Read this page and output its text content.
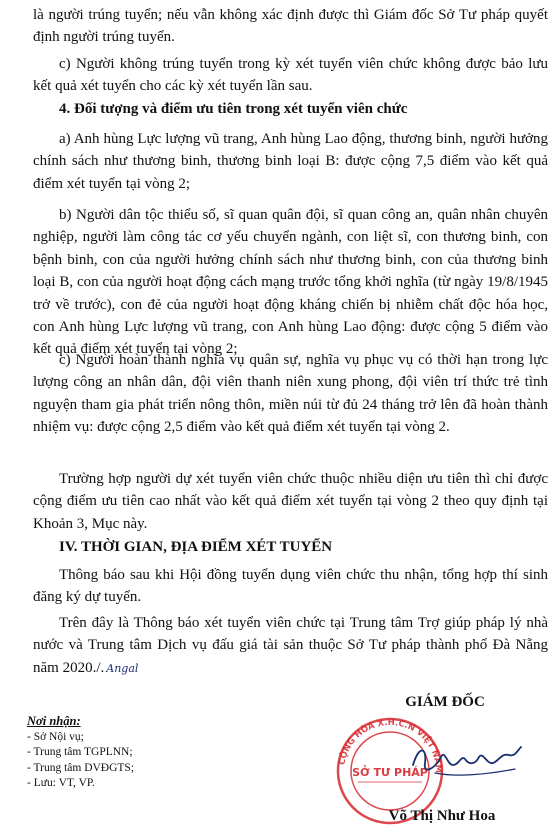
là người trúng tuyển; nếu vẫn không xác định được thì Giám đốc Sở Tư pháp quyết định người trúng tuyển.

c) Người không trúng tuyển trong kỳ xét tuyển viên chức không được bảo lưu kết quả xét tuyển cho các kỳ xét tuyển lần sau.

4. Đối tượng và điểm ưu tiên trong xét tuyển viên chức

a) Anh hùng Lực lượng vũ trang, Anh hùng Lao động, thương binh, người hưởng chính sách như thương binh, thương binh loại B: được cộng 7,5 điểm vào kết quả điểm xét tuyển tại vòng 2;

b) Người dân tộc thiểu số, sĩ quan quân đội, sĩ quan công an, quân nhân chuyên nghiệp, người làm công tác cơ yếu chuyển ngành, con liệt sĩ, con thương binh, con bệnh binh, con của người hưởng chính sách như thương binh, con của thương binh loại B, con của người hoạt động cách mạng trước tổng khởi nghĩa (từ ngày 19/8/1945 trở về trước), con đẻ của người hoạt động kháng chiến bị nhiễm chất độc hóa học, con Anh hùng Lực lượng vũ trang, con Anh hùng Lao động: được cộng 5 điểm vào kết quả điểm xét tuyển tại vòng 2;

c) Người hoàn thành nghĩa vụ quân sự, nghĩa vụ phục vụ có thời hạn trong lực lượng công an nhân dân, đội viên thanh niên xung phong, đội viên trí thức trẻ tình nguyện tham gia phát triển nông thôn, miền núi từ đủ 24 tháng trở lên đã hoàn thành nhiệm vụ: được cộng 2,5 điểm vào kết quả điểm xét tuyển tại vòng 2.

Trường hợp người dự xét tuyển viên chức thuộc nhiều diện ưu tiên thì chỉ được cộng điểm ưu tiên cao nhất vào kết quả điểm xét tuyển tại vòng 2 theo quy định tại Khoản 3, Mục này.

IV. THỜI GIAN, ĐỊA ĐIỂM XÉT TUYỂN

Thông báo sau khi Hội đồng tuyển dụng viên chức thu nhận, tổng hợp thí sinh đăng ký dự tuyển.

Trên đây là Thông báo xét tuyển viên chức tại Trung tâm Trợ giúp pháp lý nhà nước và Trung tâm Dịch vụ đấu giá tài sản thuộc Sở Tư pháp thành phố Đà Nẵng năm 2020./. Angal

Nơi nhận:
- Sở Nội vụ;
- Trung tâm TGPLNN;
- Trung tâm DVĐGTS;
- Lưu: VT, VP.

GIÁM ĐỐC

CỘNG HÒA X.H.C.N VIỆT NAM
SỞ TƯ PHÁP

Võ Thị Như Hoa
